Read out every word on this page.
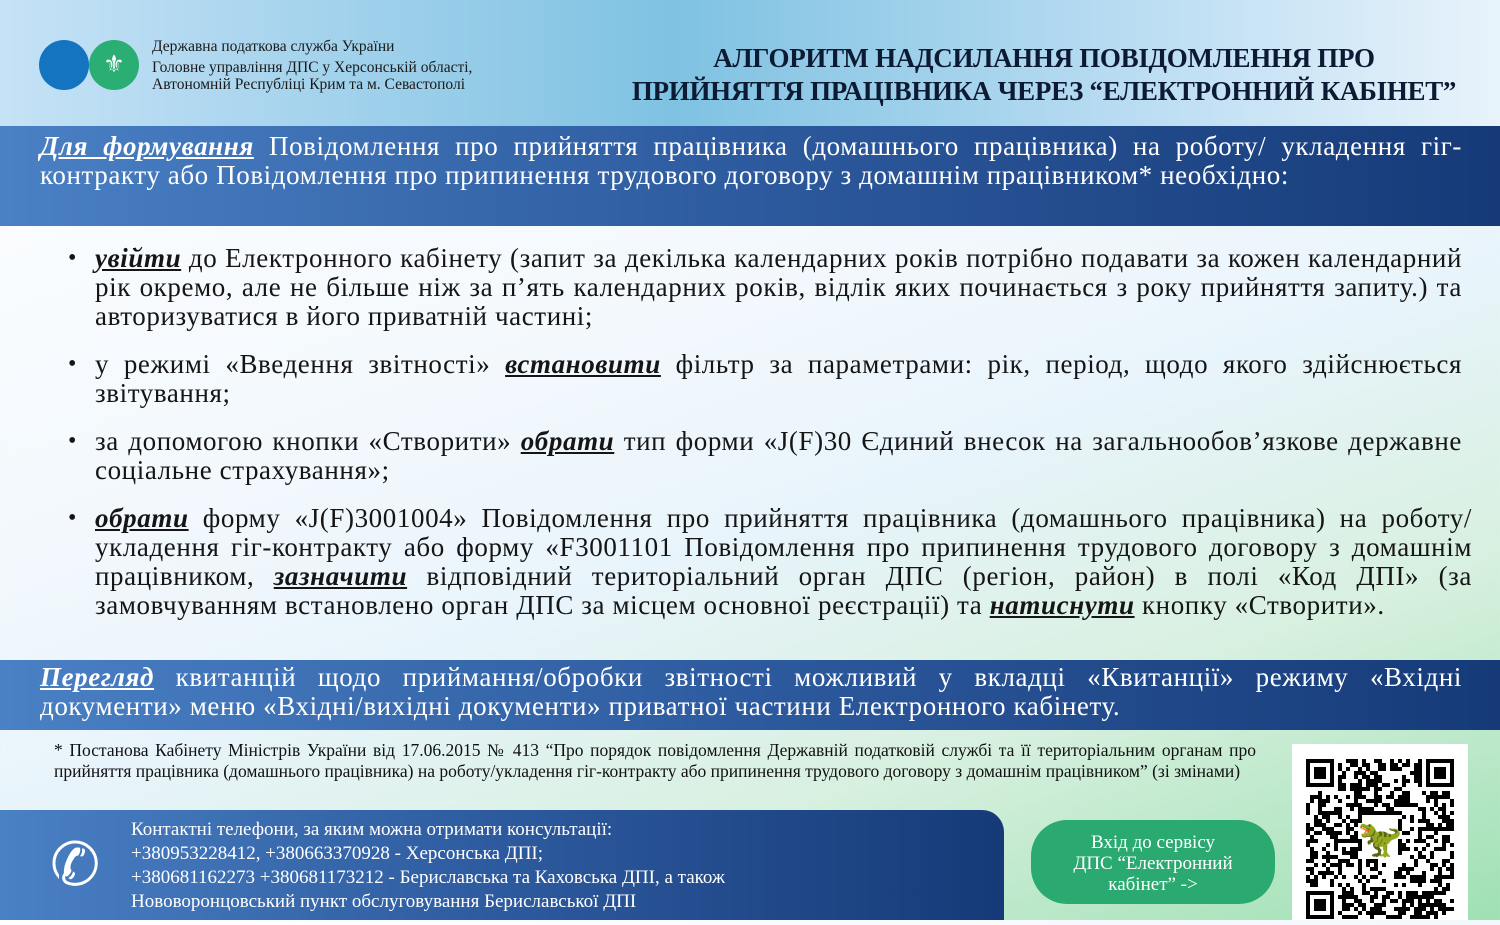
⚜
Державна податкова служба України
Головне управління ДПС у Херсонській області,
Автономній Республіці Крим та м. Севастополі
АЛГОРИТМ НАДСИЛАННЯ ПОВІДОМЛЕННЯ ПРО
ПРИЙНЯТТЯ ПРАЦІВНИКА ЧЕРЕЗ “ЕЛЕКТРОННИЙ КАБІНЕТ”
Для формування Повідомлення про прийняття працівника (домашнього працівника) на роботу/ укладення гіг-контракту або Повідомлення про припинення трудового договору з домашнім працівником* необхідно:
• увійти до Електронного кабінету (запит за декілька календарних років потрібно подавати за кожен календарний рік окремо, але не більше ніж за п’ять календарних років, відлік яких починається з року прийняття запиту.) та авторизуватися в його приватній частині;
• у режимі «Введення звітності» встановити фільтр за параметрами: рік, період, щодо якого здійснюється звітування;
• за допомогою кнопки «Створити» обрати тип форми «J(F)30 Єдиний внесок на загальнообов’язкове державне соціальне страхування»;
• обрати форму «J(F)3001004» Повідомлення про прийняття працівника (домашнього працівника) на роботу/укладення гіг-контракту або форму «F3001101 Повідомлення про припинення трудового договору з домашнім працівником, зазначити відповідний територіальний орган ДПС (регіон, район) в полі «Код ДПІ» (за замовчуванням встановлено орган ДПС за місцем основної реєстрації) та натиснути кнопку «Створити».
Перегляд квитанцій щодо приймання/обробки звітності можливий у вкладці «Квитанції» режиму «Вхідні документи» меню «Вхідні/вихідні документи» приватної частини Електронного кабінету.
* Постанова Кабінету Міністрів України від 17.06.2015 № 413 “Про порядок повідомлення Державній податковій службі та її територіальним органам про прийняття працівника (домашнього працівника) на роботу/укладення гіг-контракту або припинення трудового договору з домашнім працівником” (зі змінами)
Контактні телефони, за яким можна отримати консультації:
+380953228412, +380663370928 - Херсонська ДПІ;
+380681162273 +380681173212 - Бериславська та Каховська ДПІ, а також
Нововоронцовський пункт обслуговування Бериславської ДПІ
✆	Вхід до сервісу
ДПС “Електронний
кабінет” ->
🦖
